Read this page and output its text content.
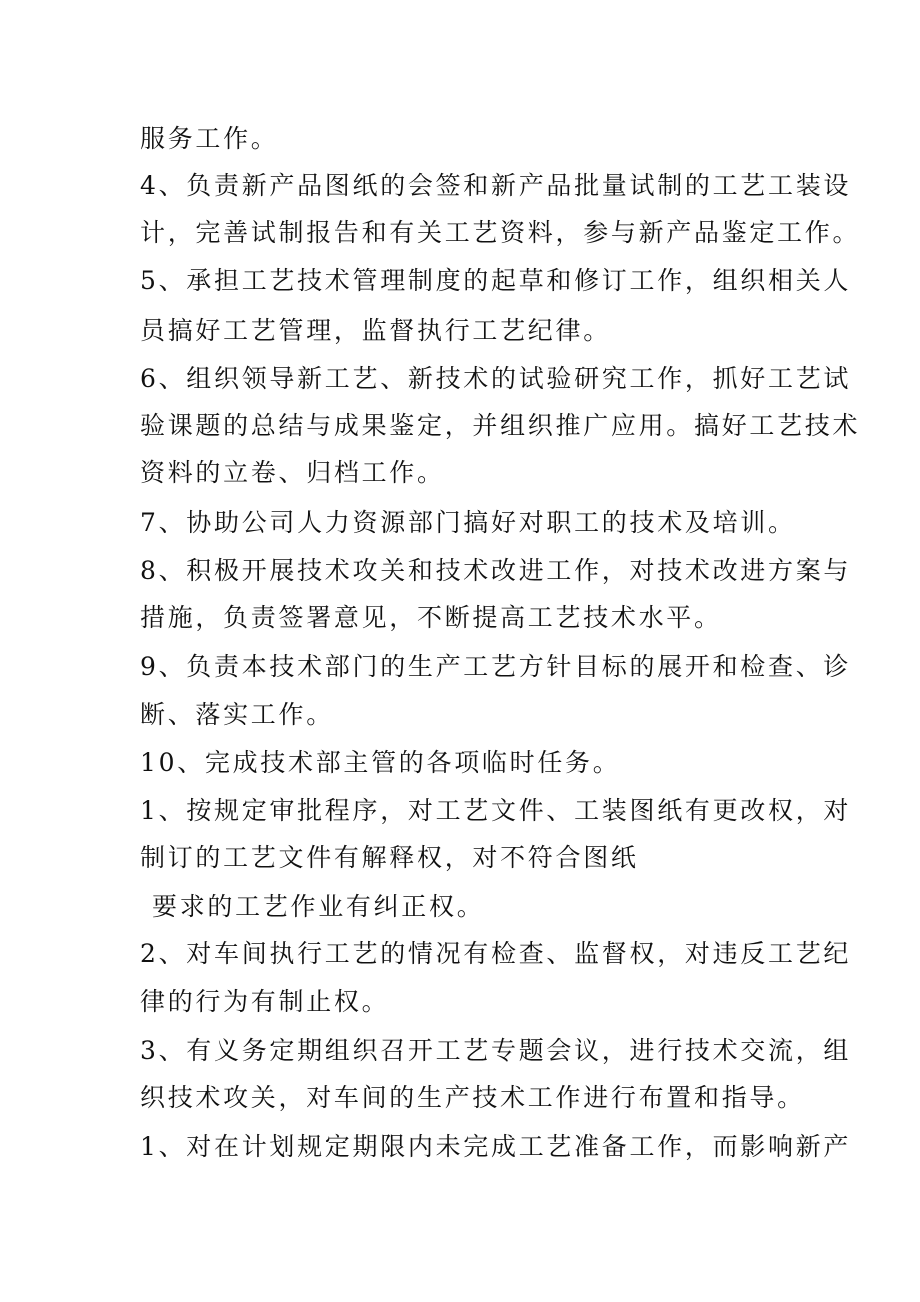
服务工作。
4、负责新产品图纸的会签和新产品批量试制的工艺工装设
计，完善试制报告和有关工艺资料，参与新产品鉴定工作。
5、承担工艺技术管理制度的起草和修订工作，组织相关人
员搞好工艺管理，监督执行工艺纪律。
6、组织领导新工艺、新技术的试验研究工作，抓好工艺试
验课题的总结与成果鉴定，并组织推广应用。搞好工艺技术
资料的立卷、归档工作。
7、协助公司人力资源部门搞好对职工的技术及培训。
8、积极开展技术攻关和技术改进工作，对技术改进方案与
措施，负责签署意见，不断提高工艺技术水平。
9、负责本技术部门的生产工艺方针目标的展开和检查、诊
断、落实工作。
10、完成技术部主管的各项临时任务。
1、按规定审批程序，对工艺文件、工装图纸有更改权，对
制订的工艺文件有解释权，对不符合图纸
要求的工艺作业有纠正权。
2、对车间执行工艺的情况有检查、监督权，对违反工艺纪
律的行为有制止权。
3、有义务定期组织召开工艺专题会议，进行技术交流，组
织技术攻关，对车间的生产技术工作进行布置和指导。
1、对在计划规定期限内未完成工艺准备工作，而影响新产
